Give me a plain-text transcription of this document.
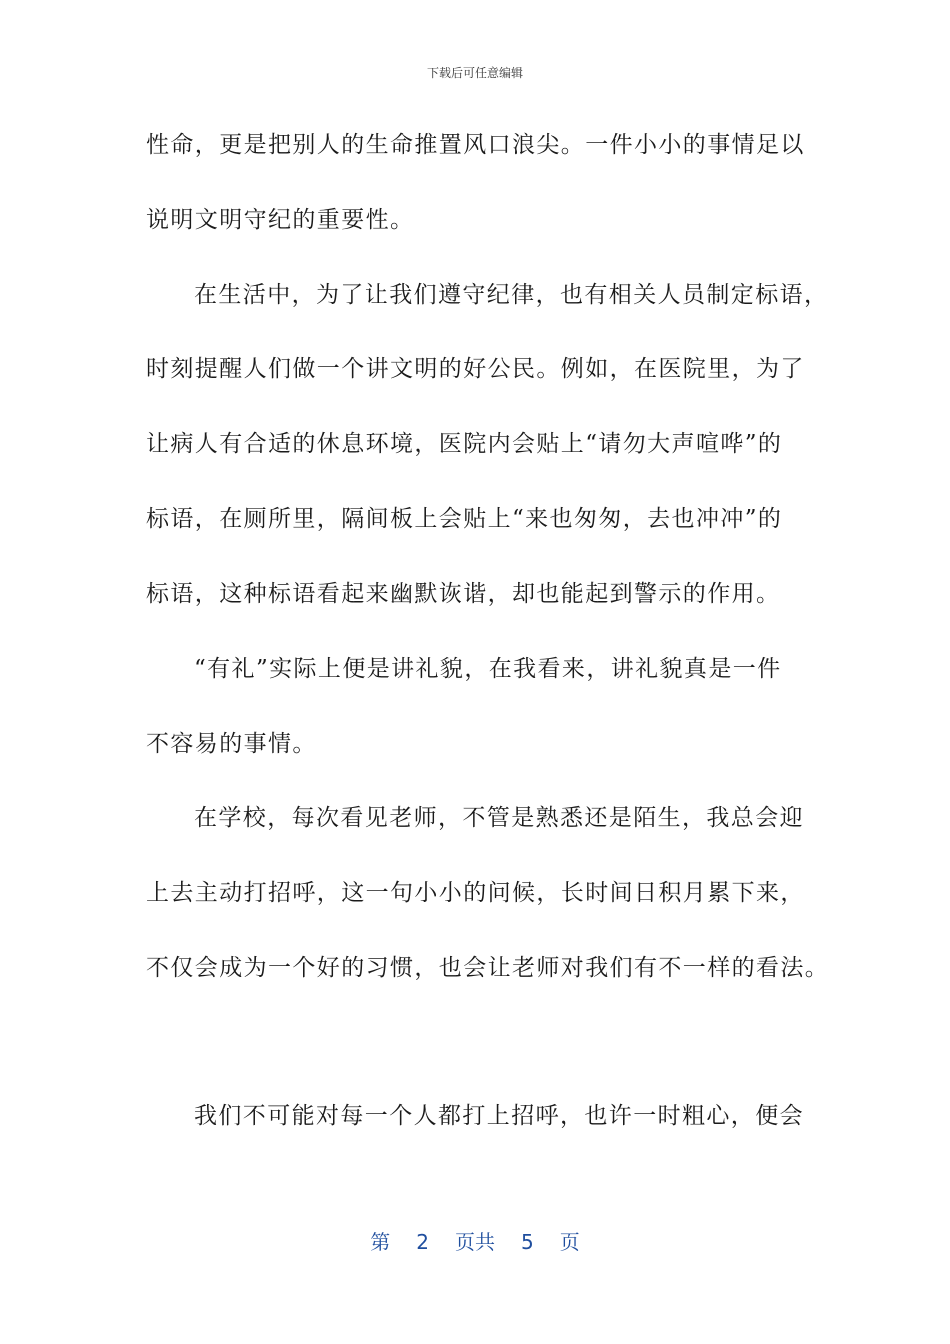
下载后可任意编辑
性命，更是把别人的生命推置风口浪尖。一件小小的事情足以
说明文明守纪的重要性。
在生活中，为了让我们遵守纪律，也有相关人员制定标语，
时刻提醒人们做一个讲文明的好公民。例如，在医院里，为了
让病人有合适的休息环境，医院内会贴上“请勿大声喧哗”的
标语，在厕所里，隔间板上会贴上“来也匆匆，去也冲冲”的
标语，这种标语看起来幽默诙谐，却也能起到警示的作用。
“有礼”实际上便是讲礼貌，在我看来，讲礼貌真是一件
不容易的事情。
在学校，每次看见老师，不管是熟悉还是陌生，我总会迎
上去主动打招呼，这一句小小的问候，长时间日积月累下来，
不仅会成为一个好的习惯，也会让老师对我们有不一样的看法。
我们不可能对每一个人都打上招呼，也许一时粗心，便会
第 2 页共 5 页
